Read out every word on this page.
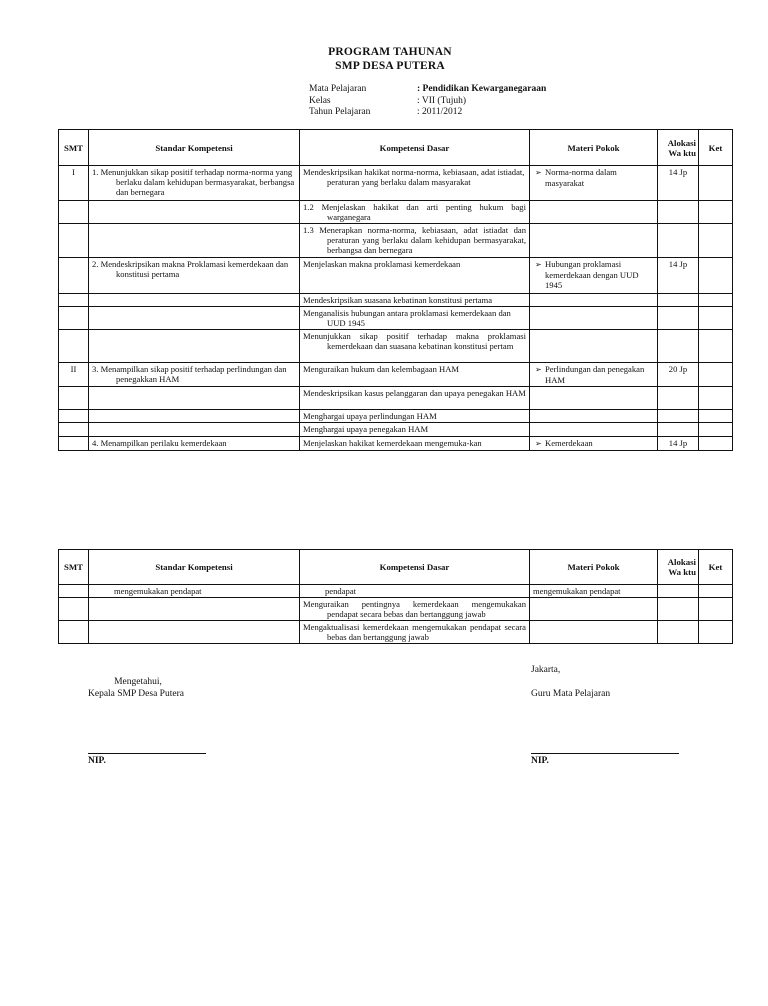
PROGRAM TAHUNAN
SMP DESA PUTERA
Mata Pelajaran	: Pendidikan Kewarganegaraan
Kelas	: VII (Tujuh)
Tahun Pelajaran	: 2011/2012
SMT	Standar Kompetensi	Kompetensi Dasar	Materi Pokok	Alokasi Wa ktu	Ket
I	1. Menunjukkan sikap positif terhadap norma-norma yang berlaku dalam kehidupan bermasyarakat, berbangsa dan bernegara	Mendeskripsikan hakikat norma-norma, kebiasaan, adat istiadat, peraturan yang berlaku dalam masyarakat	➢ Norma-norma dalam masyarakat	14 Jp	

		1.2 Menjelaskan hakikat dan arti penting hukum bagi warganegara			

		1.3 Menerapkan norma-norma, kebiasaan, adat istiadat dan peraturan yang berlaku dalam kehidupan bermasyarakat, berbangsa dan bernegara			

	2. Mendeskripsikan makna Proklamasi kemerdekaan dan konstitusi pertama	Menjelaskan makna proklamasi kemerdekaan	➢ Hubungan proklamasi kemerdekaan dengan UUD 1945	14 Jp	
		Mendeskripsikan suasana kebatinan konstitusi pertama			

		Menganalisis hubungan antara proklamasi kemerdekaan dan UUD 1945			

		Menunjukkan sikap positif terhadap makna proklamasi kemerdekaan dan suasana kebatinan konstitusi pertam			

II	3. Menampilkan sikap positif terhadap perlindungan dan penegakkan HAM	Menguraikan hukum dan kelembagaan HAM	➢ Perlindungan dan penegakan HAM	20 Jp	

		Mendeskripsikan kasus pelanggaran dan upaya penegakan HAM			

		Menghargai upaya perlindungan HAM			
		Menghargai upaya penegakan HAM			
	4. Menampilkan perilaku kemerdekaan	Menjelaskan hakikat kemerdekaan mengemuka-kan	➢ Kemerdekaan	14 Jp	
SMT	Standar Kompetensi	Kompetensi Dasar	Materi Pokok	Alokasi Wa ktu	Ket

	mengemukakan pendapat	pendapat	mengemukakan pendapat		

		Menguraikan pentingnya kemerdekaan mengemukakan pendapat secara bebas dan bertanggung jawab			

		Mengaktualisasi kemerdekaan mengemukakan pendapat secara bebas dan bertanggung jawab			

Mengetahui,
Kepala SMP Desa Putera
NIP.
Jakarta,
Guru Mata Pelajaran
NIP.
